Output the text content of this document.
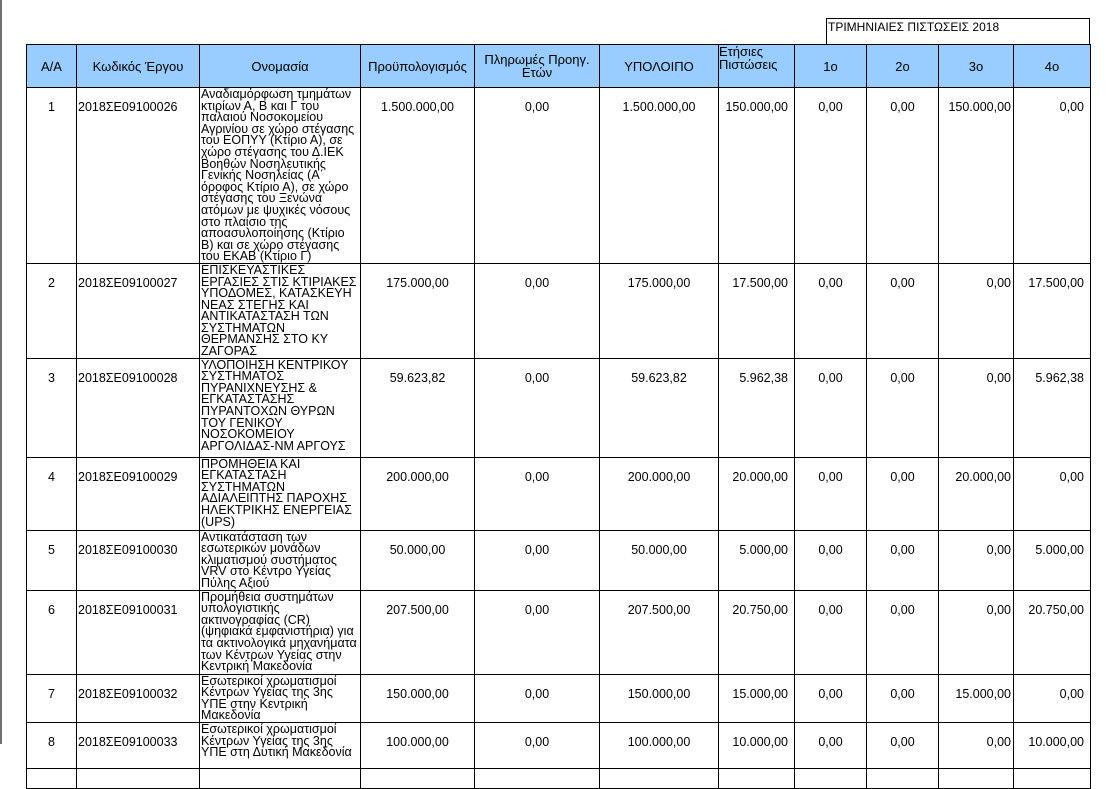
ΤΡΙΜΗΝΙΑΙΕΣ ΠΙΣΤΩΣΕΙΣ 2018
Α/Α	Κωδικός Έργου	Ονομασία	Προϋπολογισμός	Πληρωμές Προηγ. Ετών	ΥΠΟΛΟΙΠΟ	Ετήσιες Πιστώσεις	1ο	2ο	3ο	4ο
1	2018ΣΕ09100026	Αναδιαμόρφωση τμημάτων κτιρίων Α, Β και Γ του παλαιού Νοσοκομείου Αγρινίου σε χώρο στέγασης του ΕΟΠΥΥ (Κτίριο Α), σε χώρο στέγασης του Δ.ΙΕΚ Βοηθών Νοσηλευτικής Γενικής Νοσηλείας (Α΄ όροφος Κτίριο Α), σε χώρο στέγασης του Ξενώνα ατόμων με ψυχικές νόσους στο πλαίσιο της αποασυλοποίησης (Κτίριο Β) και σε χώρο στέγασης του ΕΚΑΒ (Κτίριο Γ)	1.500.000,00	0,00	1.500.000,00	150.000,00	0,00	0,00	150.000,00	0,00
2	2018ΣΕ09100027	ΕΠΙΣΚΕΥΑΣΤΙΚΕΣ ΕΡΓΑΣΙΕΣ ΣΤΙΣ ΚΤΙΡΙΑΚΕΣ ΥΠΟΔΟΜΕΣ, ΚΑΤΑΣΚΕΥΗ ΝΕΑΣ ΣΤΕΓΗΣ ΚΑΙ ΑΝΤΙΚΑΤΑΣΤΑΣΗ ΤΩΝ ΣΥΣΤΗΜΑΤΩΝ ΘΕΡΜΑΝΣΗΣ ΣΤΟ ΚΥ ΖΑΓΟΡΑΣ	175.000,00	0,00	175.000,00	17.500,00	0,00	0,00	0,00	17.500,00
3	2018ΣΕ09100028	ΥΛΟΠΟΙΗΣΗ ΚΕΝΤΡΙΚΟΥ ΣΥΣΤΗΜΑΤΟΣ ΠΥΡΑΝΙΧΝΕΥΣΗΣ & ΕΓΚΑΤΑΣΤΑΣΗΣ ΠΥΡΑΝΤΟΧΩΝ ΘΥΡΩΝ ΤΟΥ ΓΕΝΙΚΟΥ ΝΟΣΟΚΟΜΕΙΟΥ ΑΡΓΟΛΙΔΑΣ-ΝΜ ΑΡΓΟΥΣ	59.623,82	0,00	59.623,82	5.962,38	0,00	0,00	0,00	5.962,38
4	2018ΣΕ09100029	ΠΡΟΜΗΘΕΙΑ ΚΑΙ ΕΓΚΑΤΑΣΤΑΣΗ ΣΥΣΤΗΜΑΤΩΝ ΑΔΙΑΛΕΙΠΤΗΣ ΠΑΡΟΧΗΣ ΗΛΕΚΤΡΙΚΗΣ ΕΝΕΡΓΕΙΑΣ (UPS)	200.000,00	0,00	200.000,00	20.000,00	0,00	0,00	20.000,00	0,00
5	2018ΣΕ09100030	Αντικατάσταση των εσωτερικών μονάδων κλιματισμού συστήματος VRV στο Κέντρο Υγείας Πύλης Αξιού	50.000,00	0,00	50.000,00	5.000,00	0,00	0,00	0,00	5.000,00
6	2018ΣΕ09100031	Προμήθεια συστημάτων υπολογιστικής ακτινογραφίας (CR) (ψηφιακά εμφανιστήρια) για τα ακτινολογικά μηχανήματα των Κέντρων Υγείας στην Κεντρική Μακεδονία	207.500,00	0,00	207.500,00	20.750,00	0,00	0,00	0,00	20.750,00
7	2018ΣΕ09100032	Εσωτερικοί χρωματισμοί Κέντρων Υγείας της 3ης ΥΠΕ στην Κεντρική Μακεδονία	150.000,00	0,00	150.000,00	15.000,00	0,00	0,00	15.000,00	0,00
8	2018ΣΕ09100033	Εσωτερικοί χρωματισμοί Κέντρων Υγείας της 3ης ΥΠΕ στη Δυτική Μακεδονία	100.000,00	0,00	100.000,00	10.000,00	0,00	0,00	0,00	10.000,00
